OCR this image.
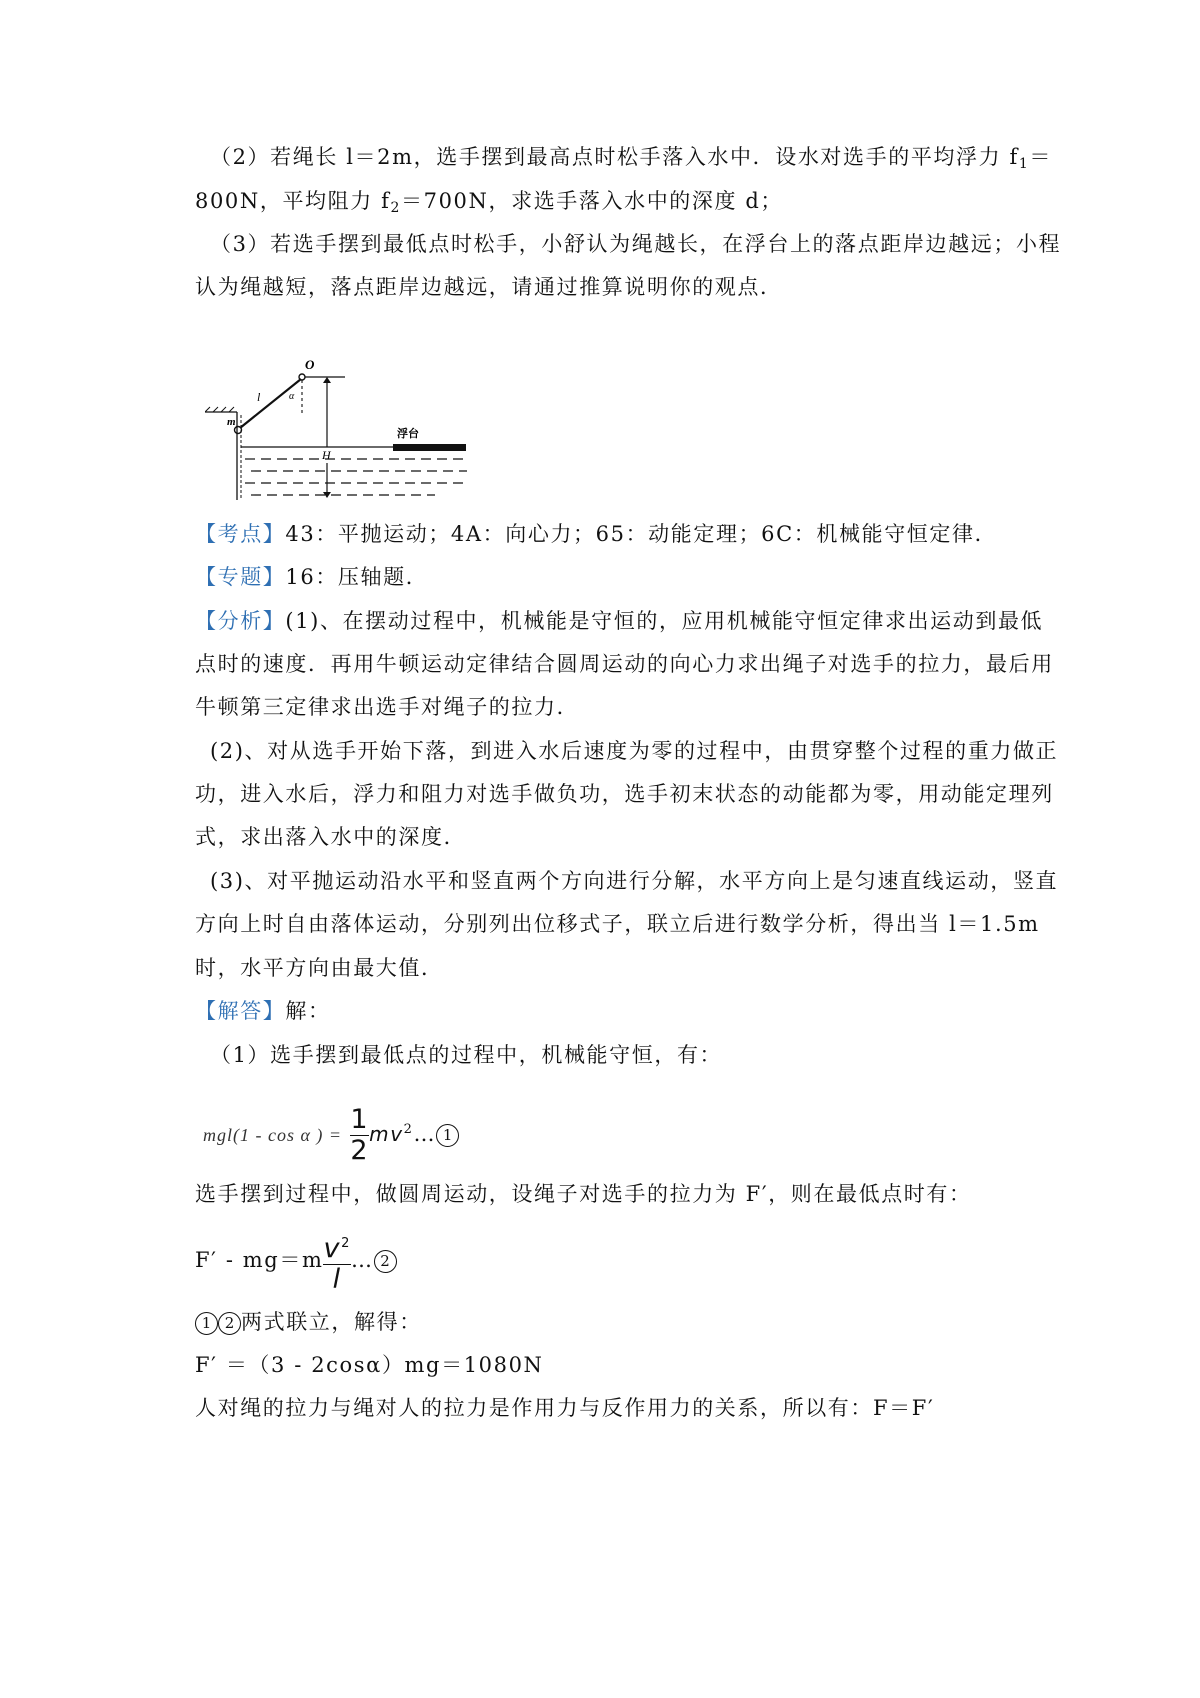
（2）若绳长 l＝2m，选手摆到最高点时松手落入水中．设水对选手的平均浮力 $f_1=$
800N，平均阻力 $f_2=700N$，求选手落入水中的深度 d；
（3）若选手摆到最低点时松手，小舒认为绳越长，在浮台上的落点距岸边越远；小程
认为绳越短，落点距岸边越远，请通过推算说明你的观点．
O
m
l	α
H
浮台
【考点】43：平抛运动；4A：向心力；65：动能定理；6C：机械能守恒定律．
【专题】16：压轴题．
【分析】(1)、在摆动过程中，机械能是守恒的，应用机械能守恒定律求出运动到最低
点时的速度．再用牛顿运动定律结合圆周运动的向心力求出绳子对选手的拉力，最后用
牛顿第三定律求出选手对绳子的拉力．
(2)、对从选手开始下落，到进入水后速度为零的过程中，由贯穿整个过程的重力做正
功，进入水后，浮力和阻力对选手做负功，选手初末状态的动能都为零，用动能定理列
式，求出落入水中的深度．
(3)、对平抛运动沿水平和竖直两个方向进行分解，水平方向上是匀速直线运动，竖直
方向上时自由落体运动，分别列出位移式子，联立后进行数学分析，得出当 l＝1.5m
时，水平方向由最大值．
【解答】解：
（1）选手摆到最低点的过程中，机械能守恒，有：
mgl(1 - cos α ) = $\frac{1}{2}$ $mv^2\dots$ 1
选手摆到过程中，做圆周运动，设绳子对选手的拉力为 F′，则在最低点时有：
$F' - mg=m \frac{v^2}{l}$ … 2
1 2 两式联立，解得：
F′ ＝（3 - 2cosα）mg＝1080N
人对绳的拉力与绳对人的拉力是作用力与反作用力的关系，所以有：F＝F′
